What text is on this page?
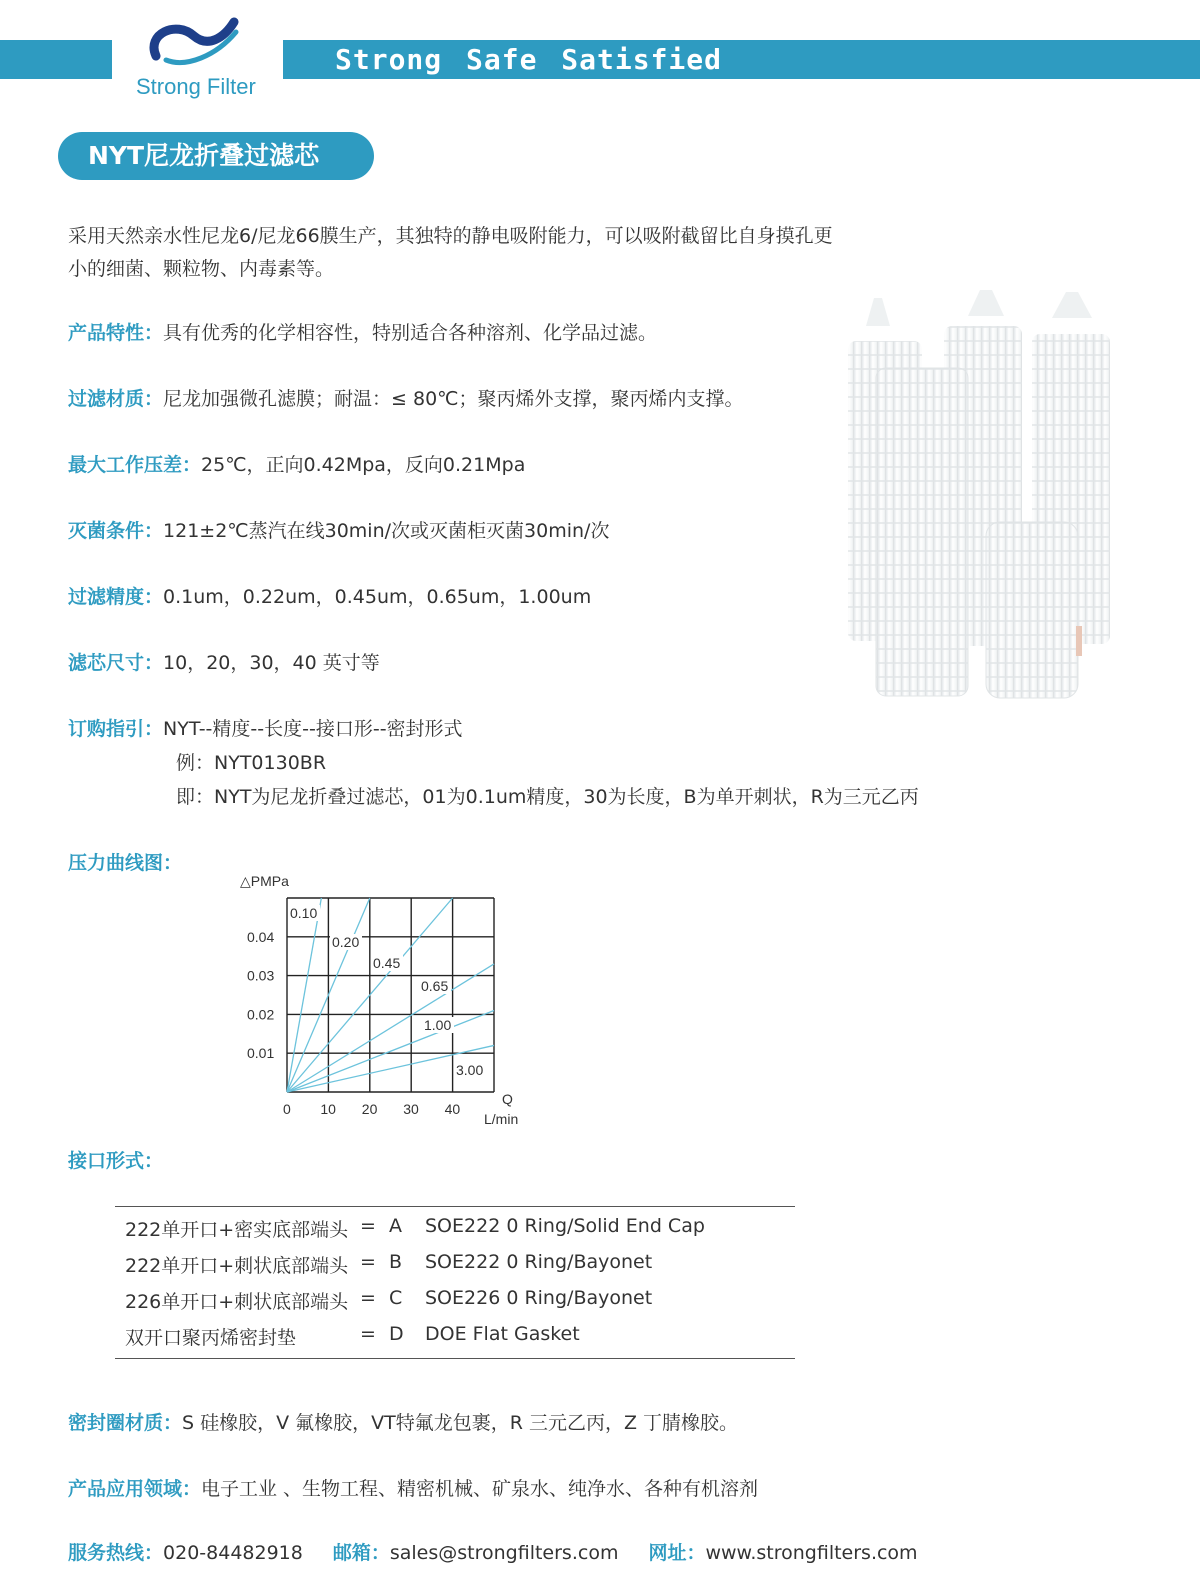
Strong Filter
Strong Safe Satisfied
NYT尼龙折叠过滤芯
采用天然亲水性尼龙6/尼龙66膜生产，其独特的静电吸附能力，可以吸附截留比自身摸孔更小的细菌、颗粒物、内毒素等。
产品特性：具有优秀的化学相容性，特别适合各种溶剂、化学品过滤。
过滤材质：尼龙加强微孔滤膜；耐温：≤ 80℃；聚丙烯外支撑，聚丙烯内支撑。
最大工作压差：25℃，正向0.42Mpa，反向0.21Mpa
灭菌条件：121±2℃蒸汽在线30min/次或灭菌柜灭菌30min/次
过滤精度：0.1um，0.22um，0.45um，0.65um，1.00um
滤芯尺寸：10，20，30，40 英寸等
订购指引：NYT--精度--长度--接口形--密封形式
例：NYT0130BR
即：NYT为尼龙折叠过滤芯，01为0.1um精度，30为长度，B为单开刺状，R为三元乙丙
压力曲线图：
0.10
0.20
0.45
0.65
1.00
3.00
0 10 20 30 40
0.01
0.02
0.03
0.04
△PMPa
Q
L/min
接口形式：
222单开口+密实底部端头 = A SOE222 0 Ring/Solid End Cap
222单开口+刺状底部端头 = B SOE222 0 Ring/Bayonet
226单开口+刺状底部端头 = C SOE226 0 Ring/Bayonet
双开口聚丙烯密封垫	= D DOE Flat Gasket
密封圈材质：S 硅橡胶，V 氟橡胶，VT特氟龙包裹，R 三元乙丙，Z 丁腈橡胶。
产品应用领域：电子工业 、生物工程、精密机械、矿泉水、纯净水、各种有机溶剂
服务热线：020-84482918 邮箱：sales@strongfilters.com 网址：www.strongfilters.com
